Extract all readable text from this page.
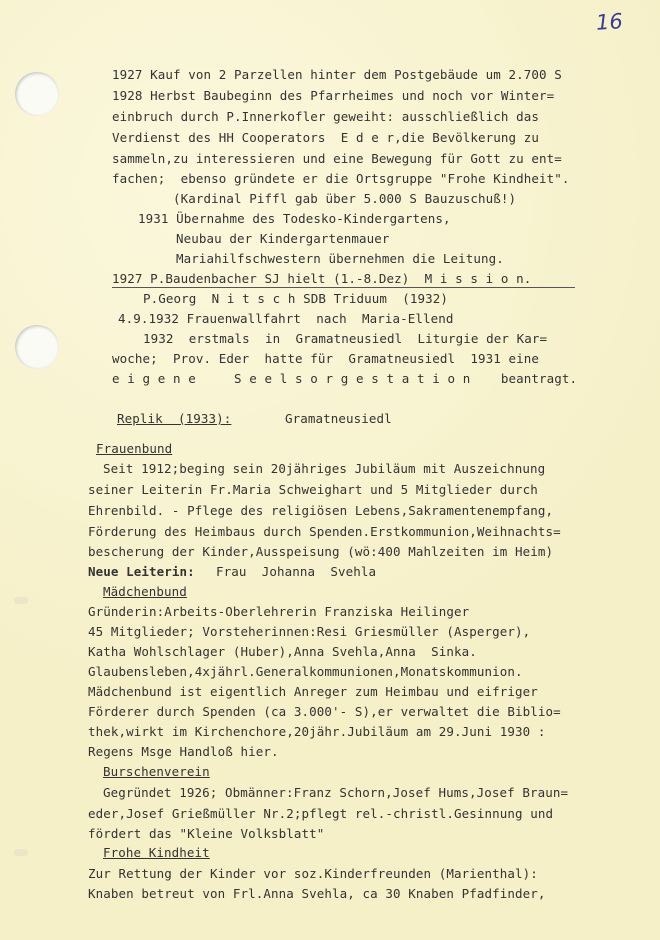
16
1927 Kauf von 2 Parzellen hinter dem Postgebäude um 2.700 S
1928 Herbst Baubeginn des Pfarrheimes und noch vor Winter=
einbruch durch P.Innerkofler geweiht: ausschließlich das
Verdienst des HH Cooperators  E d e r,die Bevölkerung zu
sammeln,zu interessieren und eine Bewegung für Gott zu ent=
fachen;  ebenso gründete er die Ortsgruppe "Frohe Kindheit".
(Kardinal Piffl gab über 5.000 S Bauzuschuß!)
1931 Übernahme des Todesko-Kindergartens,
Neubau der Kindergartenmauer
Mariahilfschwestern übernehmen die Leitung.
1927 P.Baudenbacher SJ hielt (1.-8.Dez)  M i s s i o n.
P.Georg  N i t s c h SDB Triduum  (1932)
4.9.1932 Frauenwallfahrt  nach  Maria-Ellend
1932  erstmals  in  Gramatneusiedl  Liturgie der Kar=
woche;  Prov. Eder  hatte für  Gramatneusiedl  1931 eine
e i g e n e     S e e l s o r g e s t a t i o n    beantragt.
Replik  (1933):	Gramatneusiedl
Frauenbund
Seit 1912;beging sein 20jähriges Jubiläum mit Auszeichnung
seiner Leiterin Fr.Maria Schweighart und 5 Mitglieder durch
Ehrenbild. - Pflege des religiösen Lebens,Sakramentenempfang,
Förderung des Heimbaus durch Spenden.Erstkommunion,Weihnachts=
bescherung der Kinder,Ausspeisung (wö:400 Mahlzeiten im Heim)
Neue Leiterin: Frau  Johanna  Svehla
Mädchenbund
Gründerin:Arbeits-Oberlehrerin Franziska Heilinger
45 Mitglieder; Vorsteherinnen:Resi Griesmüller (Asperger),
Katha Wohlschlager (Huber),Anna Svehla,Anna  Sinka.
Glaubensleben,4xjährl.Generalkommunionen,Monatskommunion.
Mädchenbund ist eigentlich Anreger zum Heimbau und eifriger
Förderer durch Spenden (ca 3.000'- S),er verwaltet die Biblio=
thek,wirkt im Kirchenchore,20jähr.Jubiläum am 29.Juni 1930 :
Regens Msge Handloß hier.
Burschenverein
Gegründet 1926; Obmänner:Franz Schorn,Josef Hums,Josef Braun=
eder,Josef Grießmüller Nr.2;pflegt rel.-christl.Gesinnung und
fördert das "Kleine Volksblatt"
Frohe Kindheit
Zur Rettung der Kinder vor soz.Kinderfreunden (Marienthal):
Knaben betreut von Frl.Anna Svehla, ca 30 Knaben Pfadfinder,
